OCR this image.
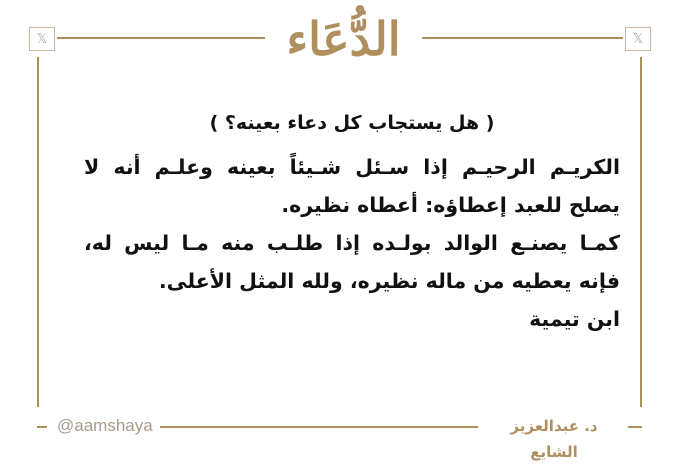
𝕏	𝕏
الدُّعَاء

( هل يستجاب كل دعاء بعينه؟ )

الكريـم الرحيـم إذا سـئل شـيئاً بعينه وعلـم أنه لا

يصلح للعبد إعطاؤه: أعطاه نظيره.

كمـا يصنـع الوالد بولـده إذا طلـب منه مـا ليس له،

فإنه يعطيه من ماله نظيره، ولله المثل الأعلى.

ابن تيمية

@aamshaya	د. عبدالعزيز الشايع
